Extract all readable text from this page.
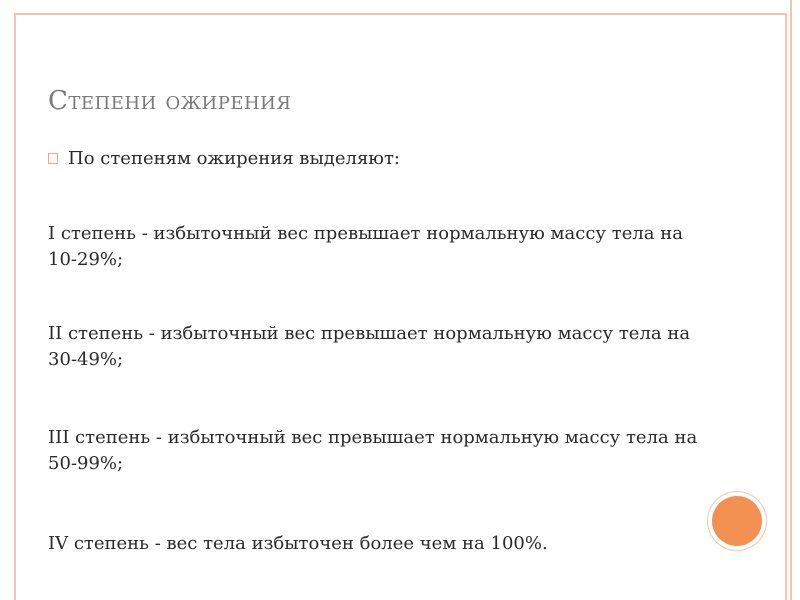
Степени ожирения
По степеням ожирения выделяют:

I степень - избыточный вес превышает нормальную массу тела на 10-29%;

II степень - избыточный вес превышает нормальную массу тела на 30-49%;

III степень - избыточный вес превышает нормальную массу тела на 50-99%;

IV степень - вес тела избыточен более чем на 100%.
